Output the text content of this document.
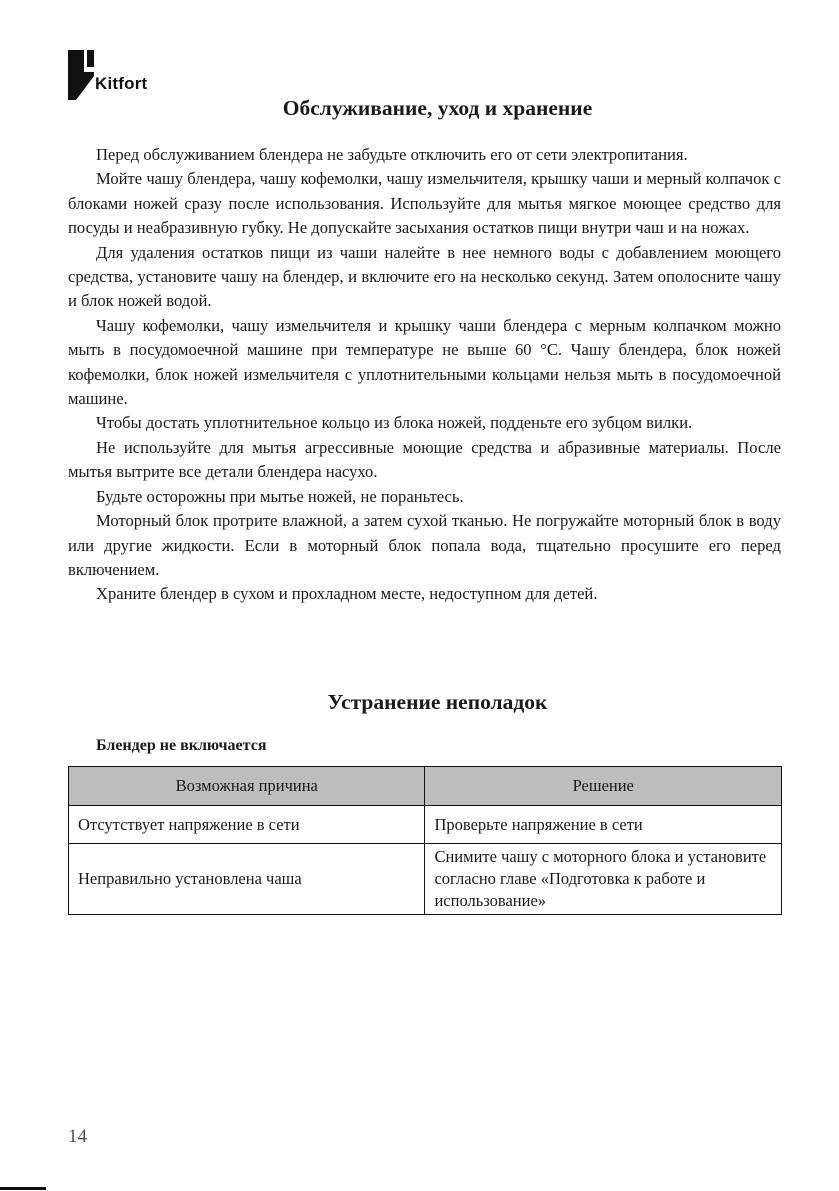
Kitfort
Обслуживание, уход и хранение

Перед обслуживанием блендера не забудьте отключить его от сети электропитания.

Мойте чашу блендера, чашу кофемолки, чашу измельчителя, крышку чаши и мерный колпачок с блоками ножей сразу после использования. Используйте для мытья мягкое моющее средство для посуды и неабразивную губку. Не допускайте засыхания остатков пищи внутри чаш и на ножах.

Для удаления остатков пищи из чаши налейте в нее немного воды с добавлением моющего средства, установите чашу на блендер, и включите его на несколько секунд. Затем ополосните чашу и блок ножей водой.

Чашу кофемолки, чашу измельчителя и крышку чаши блендера с мерным колпачком можно мыть в посудомоечной машине при температуре не выше 60 °C. Чашу блендера, блок ножей кофемолки, блок ножей измельчителя с уплотнительными кольцами нельзя мыть в посудомоечной машине.

Чтобы достать уплотнительное кольцо из блока ножей, подденьте его зубцом вилки.

Не используйте для мытья агрессивные моющие средства и абразивные материалы. После мытья вытрите все детали блендера насухо.

Будьте осторожны при мытье ножей, не пораньтесь.

Моторный блок протрите влажной, а затем сухой тканью. Не погружайте моторный блок в воду или другие жидкости. Если в моторный блок попала вода, тщательно просушите его перед включением.

Храните блендер в сухом и прохладном месте, недоступном для детей.

Устранение неполадок
Блендер не включается
Возможная причина	Решение
Отсутствует напряжение в сети	Проверьте напряжение в сети
Неправильно установлена чаша	Снимите чашу с моторного блока и установите согласно главе «Подготовка к работе и использование»
14
